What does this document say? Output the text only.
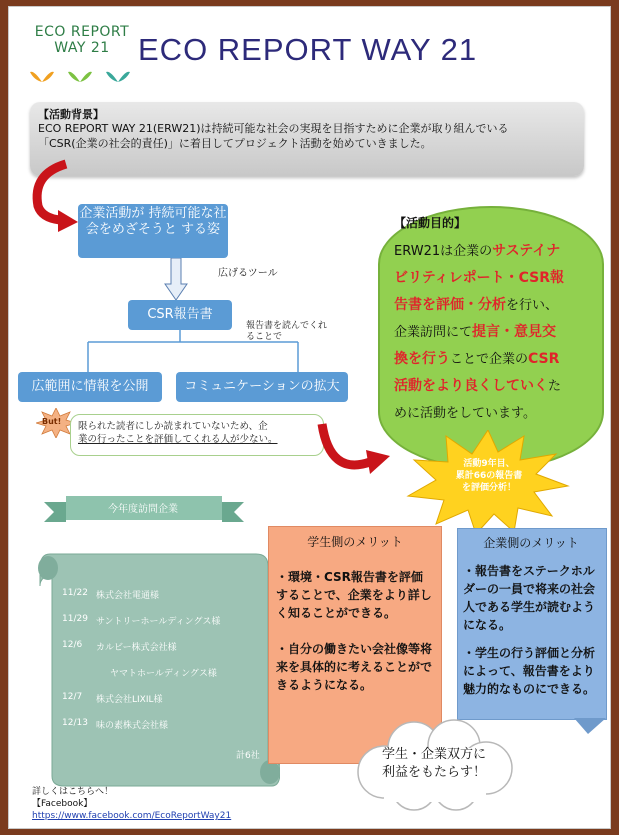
ECO REPORT
WAY 21 ECO REPORT WAY 21
【活動背景】
ECO REPORT WAY 21(ERW21)は持続可能な社会の実現を目指すために企業が取り組んでいる
「CSR(企業の社会的責任)」に着目してプロジェクト活動を始めていきました。
企業活動が 持続可能な社会をめざそうと する姿
広げるツール
CSR報告書
報告書を読んでくれることで
広範囲に情報を公開	コミュニケーションの拡大
But! 限られた読者にしか読まれていないため、企
業の行ったことを評価してくれる人が少ない。
【活動目的】
ERW21は企業のサステイナ
ビリティレポート・CSR報
告書を評価・分析を行い、
企業訪問にて提言・意見交
換を行うことで企業のCSR
活動をより良くしていくた
めに活動をしています。
活動9年目、
累計66の報告書
を評価分析！
今年度訪問企業
11/22 株式会社電通様
11/29 サントリーホールディングス様
12/6 カルビー株式会社様
ヤマトホールディングス様
12/7 株式会社LIXIL様
12/13 味の素株式会社様
計6社
学生側のメリット
・環境・CSR報告書を評価することで、企業をより詳しく知ることができる。
・自分の働きたい会社像等将来を具体的に考えることができるようになる。
企業側のメリット
・報告書をステークホルダーの一員で将来の社会人である学生が読むようになる。
・学生の行う評価と分析によって、報告書をより魅力的なものにできる。
学生・企業双方に
利益をもたらす！
詳しくはこちらへ！
【Facebook】
https://www.facebook.com/EcoReportWay21
